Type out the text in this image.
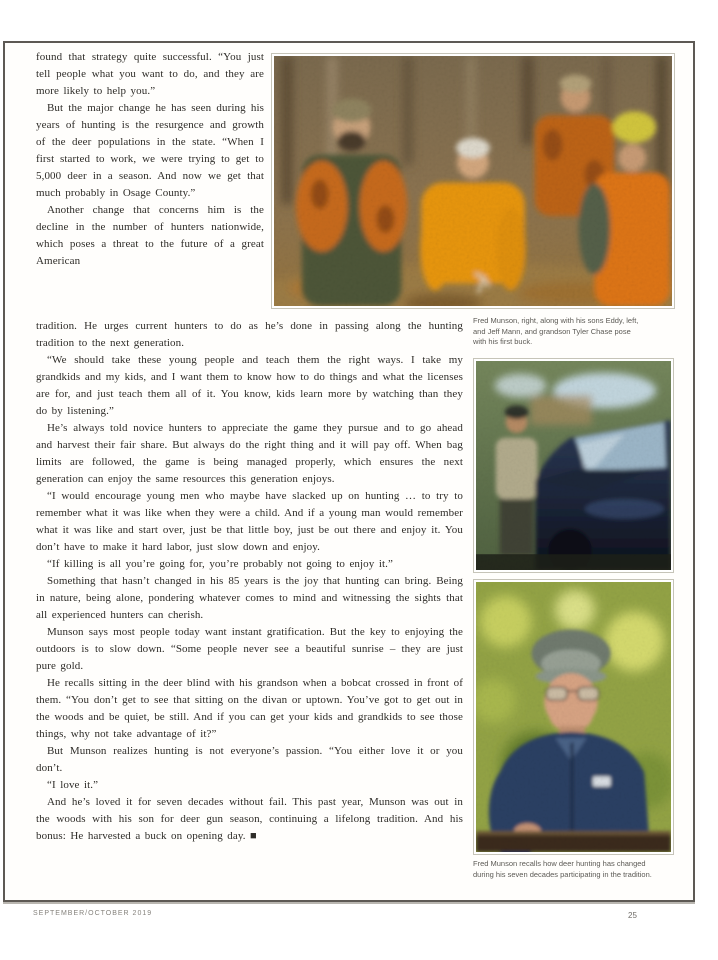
found that strategy quite successful. “You just tell people what you want to do, and they are more likely to help you.”

But the major change he has seen during his years of hunting is the resurgence and growth of the deer populations in the state. “When I first started to work, we were trying to get to 5,000 deer in a season. And now we get that much probably in Osage County.”

Another change that concerns him is the decline in the number of hunters nationwide, which poses a threat to the future of a great American

Fred Munson, right, along with his sons Eddy, left, and Jeff Mann, and grandson Tyler Chase pose with his first buck.

tradition. He urges current hunters to do as he’s done in passing along the hunting tradition to the next generation.

“We should take these young people and teach them the right ways. I take my grandkids and my kids, and I want them to know how to do things and what the licenses are for, and just teach them all of it. You know, kids learn more by watching than they do by listening.”

He’s always told novice hunters to appreciate the game they pursue and to go ahead and harvest their fair share. But always do the right thing and it will pay off. When bag limits are followed, the game is being managed properly, which ensures the next generation can enjoy the same resources this generation enjoys.

“I would encourage young men who maybe have slacked up on hunting … to try to remember what it was like when they were a child. And if a young man would remember what it was like and start over, just be that little boy, just be out there and enjoy it. You don’t have to make it hard labor, just slow down and enjoy.

“If killing is all you’re going for, you’re probably not going to enjoy it.”

Something that hasn’t changed in his 85 years is the joy that hunting can bring. Being in nature, being alone, pondering whatever comes to mind and witnessing the sights that all experienced hunters can cherish.

Munson says most people today want instant gratification. But the key to enjoying the outdoors is to slow down. “Some people never see a beautiful sunrise – they are just pure gold.

He recalls sitting in the deer blind with his grandson when a bobcat crossed in front of them. “You don’t get to see that sitting on the divan or uptown. You’ve got to get out in the woods and be quiet, be still. And if you can get your kids and grandkids to see those things, why not take advantage of it?”

But Munson realizes hunting is not everyone’s passion. “You either love it or you don’t.

“I love it.”

And he’s loved it for seven decades without fail. This past year, Munson was out in the woods with his son for deer gun season, continuing a lifelong tradition. And his bonus: He harvested a buck on opening day. ■

Fred Munson recalls how deer hunting has changed during his seven decades participating in the tradition.
SEPTEMBER/OCTOBER 2019	25
